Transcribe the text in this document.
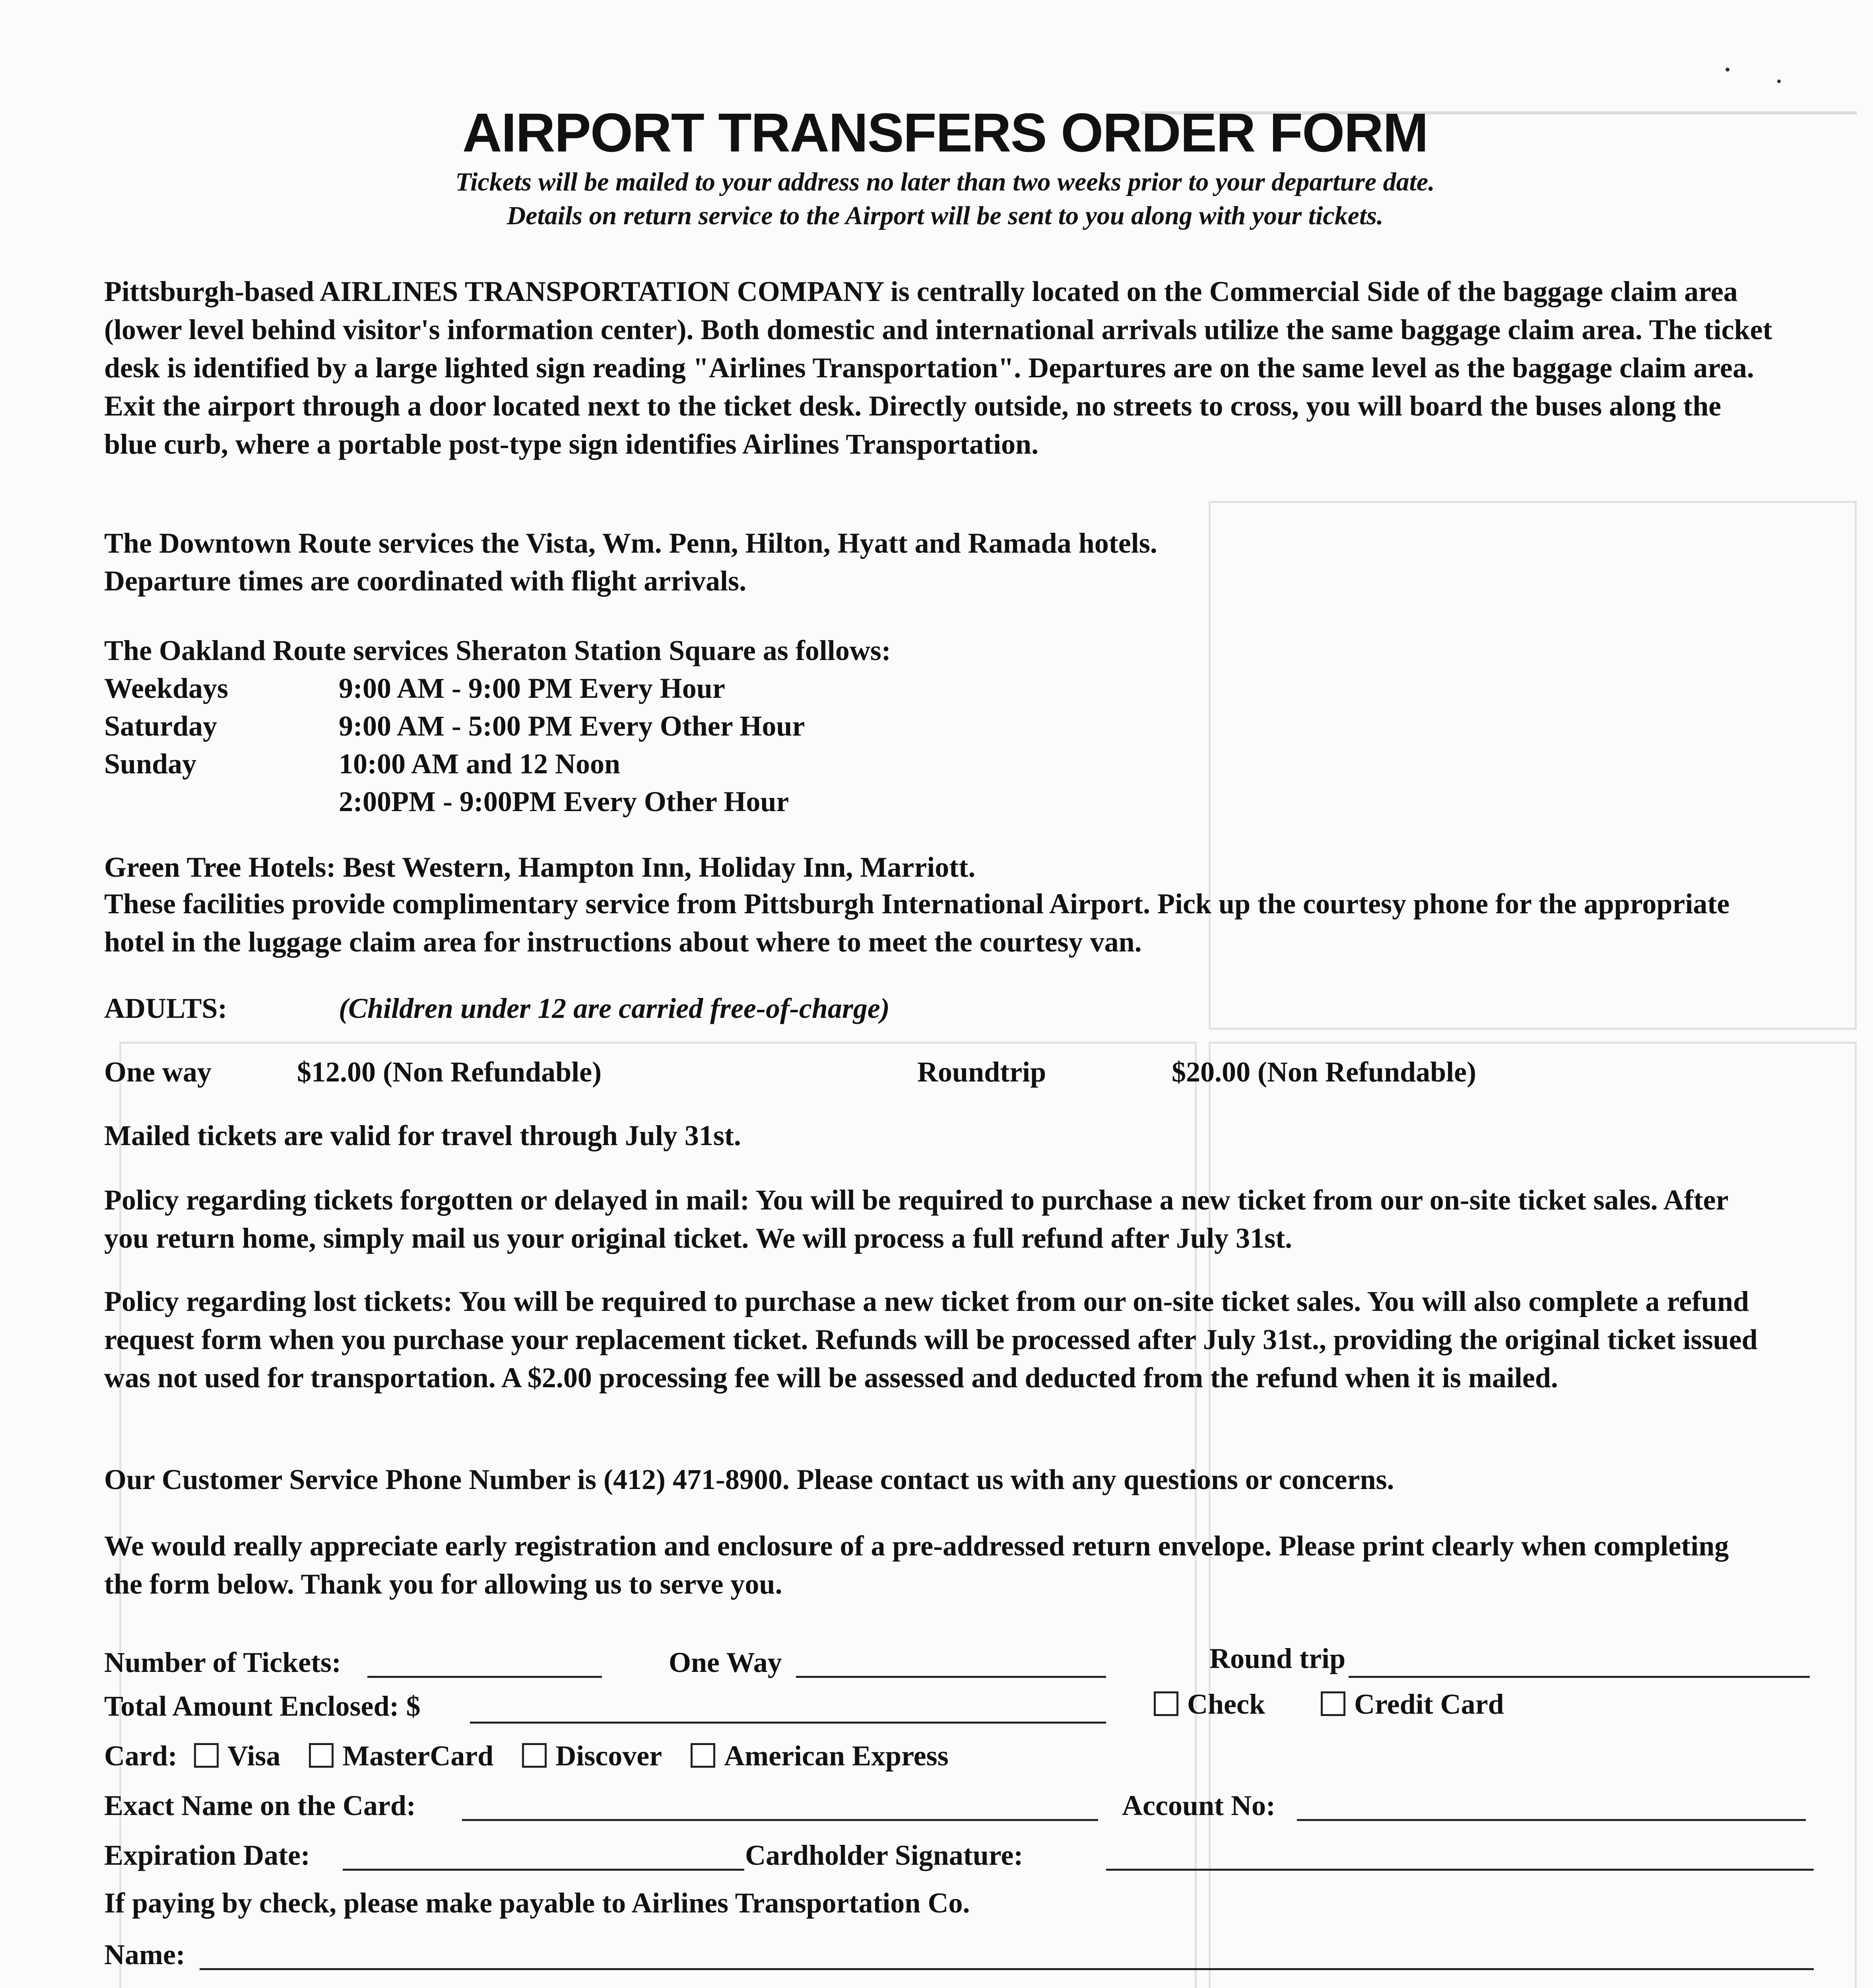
AIRPORT TRANSFERS ORDER FORM
Tickets will be mailed to your address no later than two weeks prior to your departure date.
Details on return service to the Airport will be sent to you along with your tickets.
Pittsburgh-based AIRLINES TRANSPORTATION COMPANY is centrally located on the Commercial Side of the baggage claim area (lower level behind visitor's information center). Both domestic and international arrivals utilize the same baggage claim area. The ticket desk is identified by a large lighted sign reading "Airlines Transportation". Departures are on the same level as the baggage claim area. Exit the airport through a door located next to the ticket desk. Directly outside, no streets to cross, you will board the buses along the blue curb, where a portable post-type sign identifies Airlines Transportation.
The Downtown Route services the Vista, Wm. Penn, Hilton, Hyatt and Ramada hotels.
Departure times are coordinated with flight arrivals.
The Oakland Route services Sheraton Station Square as follows:
Weekdays	9:00 AM - 9:00 PM Every Hour
Saturday	9:00 AM - 5:00 PM Every Other Hour
Sunday	10:00 AM and 12 Noon
2:00PM - 9:00PM Every Other Hour
Green Tree Hotels: Best Western, Hampton Inn, Holiday Inn, Marriott.
These facilities provide complimentary service from Pittsburgh International Airport. Pick up the courtesy phone for the appropriate hotel in the luggage claim area for instructions about where to meet the courtesy van.
ADULTS:	(Children under 12 are carried free-of-charge)
One way	$12.00 (Non Refundable)	Roundtrip	$20.00 (Non Refundable)
Mailed tickets are valid for travel through July 31st.
Policy regarding tickets forgotten or delayed in mail: You will be required to purchase a new ticket from our on-site ticket sales. After you return home, simply mail us your original ticket. We will process a full refund after July 31st.
Policy regarding lost tickets: You will be required to purchase a new ticket from our on-site ticket sales. You will also complete a refund request form when you purchase your replacement ticket. Refunds will be processed after July 31st., providing the original ticket issued was not used for transportation. A $2.00 processing fee will be assessed and deducted from the refund when it is mailed.
Our Customer Service Phone Number is (412) 471-8900. Please contact us with any questions or concerns.
We would really appreciate early registration and enclosure of a pre-addressed return envelope. Please print clearly when completing the form below. Thank you for allowing us to serve you.
Number of Tickets:	One Way	Round trip
Total Amount Enclosed: $	Check	Credit Card
Card: Visa MasterCard Discover American Express
Exact Name on the Card:	Account No:
Expiration Date:	Cardholder Signature:
If paying by check, please make payable to Airlines Transportation Co.
Name:
